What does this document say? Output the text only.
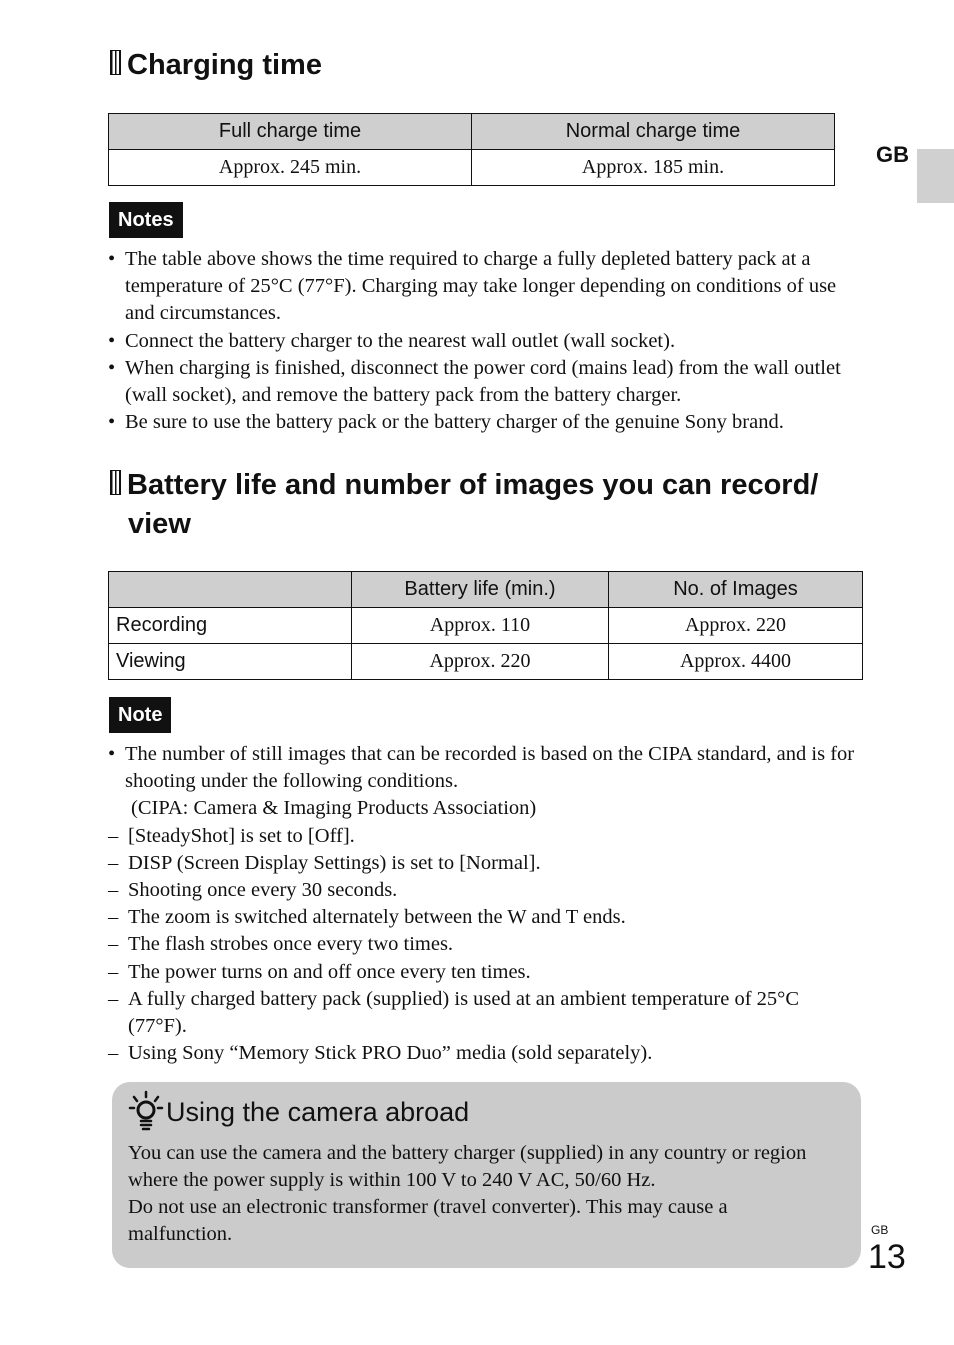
Charging time
Full charge time	Normal charge time
Approx. 245 min.	Approx. 185 min.	GB
Notes
• The table above shows the time required to charge a fully depleted battery pack at a temperature of 25°C (77°F). Charging may take longer depending on conditions of use and circumstances.
• Connect the battery charger to the nearest wall outlet (wall socket).
• When charging is finished, disconnect the power cord (mains lead) from the wall outlet (wall socket), and remove the battery pack from the battery charger.
• Be sure to use the battery pack or the battery charger of the genuine Sony brand.
Battery life and number of images you can record/
view
	Battery life (min.)	No. of Images
Recording	Approx. 110	Approx. 220
Viewing	Approx. 220	Approx. 4400
Note
• The number of still images that can be recorded is based on the CIPA standard, and is for shooting under the following conditions.
(CIPA: Camera & Imaging Products Association)
– [SteadyShot] is set to [Off].
– DISP (Screen Display Settings) is set to [Normal].
– Shooting once every 30 seconds.
– The zoom is switched alternately between the W and T ends.
– The flash strobes once every two times.
– The power turns on and off once every ten times.
– A fully charged battery pack (supplied) is used at an ambient temperature of 25°C (77°F).
– Using Sony “Memory Stick PRO Duo” media (sold separately).
Using the camera abroad

You can use the camera and the battery charger (supplied) in any country or region where the power supply is within 100 V to 240 V AC, 50/60 Hz.

Do not use an electronic transformer (travel converter). This may cause a malfunction.	GB
13
